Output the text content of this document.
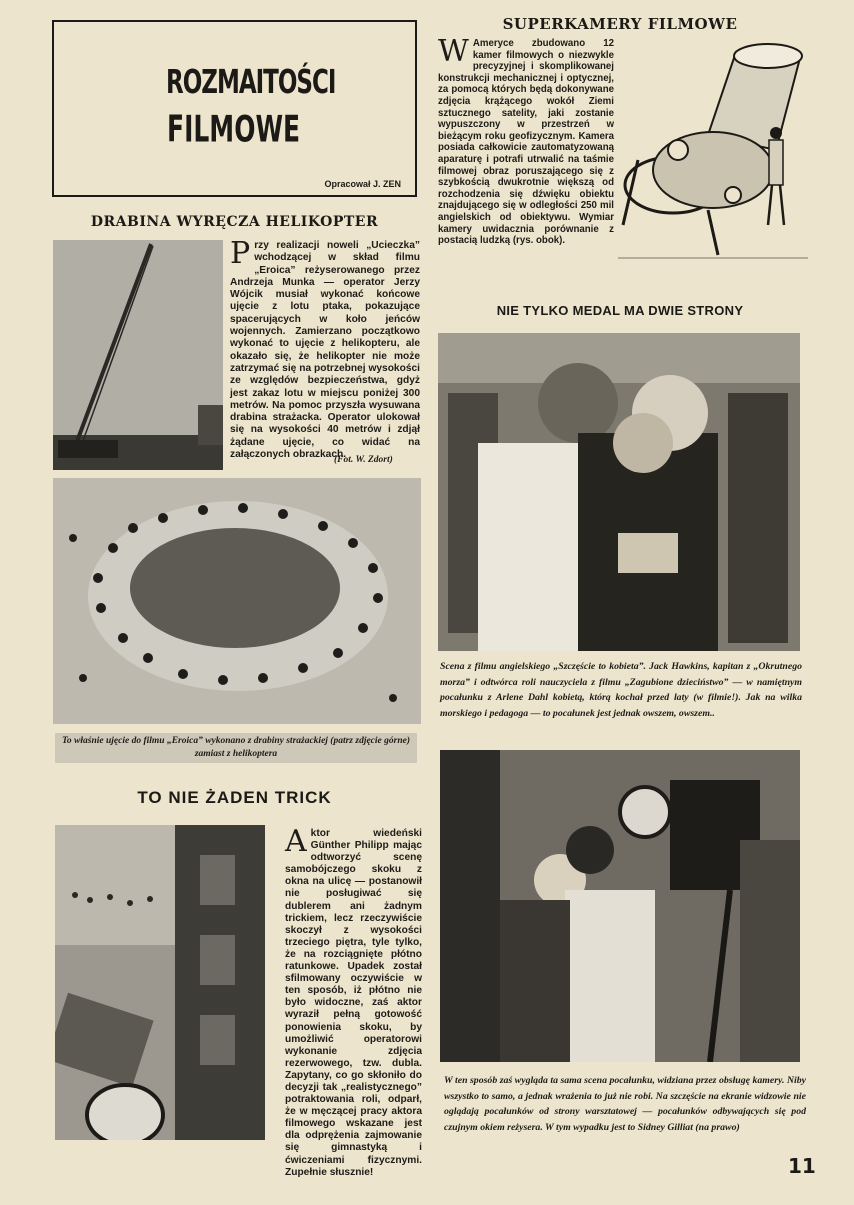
ROZMAITOŚCI
FILMOWE
Opracował J. ZEN
DRABINA WYRĘCZA HELIKOPTER
Przy realizacji noweli „Ucieczka” wchodzącej w skład filmu „Eroica” reżyserowanego przez Andrzeja Munka — operator Jerzy Wójcik musiał wykonać końcowe ujęcie z lotu ptaka, pokazujące spacerujących w koło jeńców wojennych. Zamierzano początkowo wykonać to ujęcie z helikopteru, ale okazało się, że helikopter nie może zatrzymać się na potrzebnej wysokości ze względów bezpieczeństwa, gdyż jest zakaz lotu w miejscu poniżej 300 metrów. Na pomoc przyszła wysuwana drabina strażacka. Operator ulokował się na wysokości 40 metrów i zdjął żądane ujęcie, co widać na załączonych obrazkach.
(Fot. W. Zdort)
To właśnie ujęcie do filmu „Eroica” wykonano z drabiny strażackiej (patrz zdjęcie górne) zamiast z helikoptera
TO NIE ŻADEN TRICK
Aktor wiedeński Günther Philipp mając odtworzyć scenę samobójczego skoku z okna na ulicę — postanowił nie posługiwać się dublerem ani żadnym trickiem, lecz rzeczywiście skoczył z wysokości trzeciego piętra, tyle tylko, że na rozciągnięte płótno ratunkowe. Upadek został sfilmowany oczywiście w ten sposób, iż płótno nie było widoczne, zaś aktor wyraził pełną gotowość ponowienia skoku, by umożliwić operatorowi wykonanie zdjęcia rezerwowego, tzw. dubla. Zapytany, co go skłoniło do decyzji tak „realistycznego” potraktowania roli, odparł, że w męczącej pracy aktora filmowego wskazane jest dla odprężenia zajmowanie się gimnastyką i ćwiczeniami fizycznymi. Zupełnie słusznie!
SUPERKAMERY FILMOWE
W Ameryce zbudowano 12 kamer filmowych o niezwykle precyzyjnej i skomplikowanej konstrukcji mechanicznej i optycznej, za pomocą których będą dokonywane zdjęcia krążącego wokół Ziemi sztucznego satelity, jaki zostanie wypuszczony w przestrzeń w bieżącym roku geofizycznym. Kamera posiada całkowicie zautomatyzowaną aparaturę i potrafi utrwalić na taśmie filmowej obraz poruszającego się z szybkością dwukrotnie większą od rozchodzenia się dźwięku obiektu znajdującego się w odległości 250 mil angielskich od obiektywu. Wymiar kamery uwidacznia porównanie z postacią ludzką (rys. obok).
NIE TYLKO MEDAL MA DWIE STRONY
Scena z filmu angielskiego „Szczęście to kobieta”. Jack Hawkins, kapitan z „Okrutnego morza” i odtwórca roli nauczyciela z filmu „Zagubione dzieciństwo” — w namiętnym pocałunku z Arlene Dahl kobietą, którą kochał przed laty (w filmie!). Jak na wilka morskiego i pedagoga — to pocałunek jest jednak owszem, owszem..
W ten sposób zaś wygląda ta sama scena pocałunku, widziana przez obsługę kamery. Niby wszystko to samo, a jednak wrażenia to już nie robi. Na szczęście na ekranie widzowie nie oglądają pocałunków od strony warsztatowej — pocałunków odbywających się pod czujnym okiem reżysera. W tym wypadku jest to Sidney Gilliat (na prawo)
11
